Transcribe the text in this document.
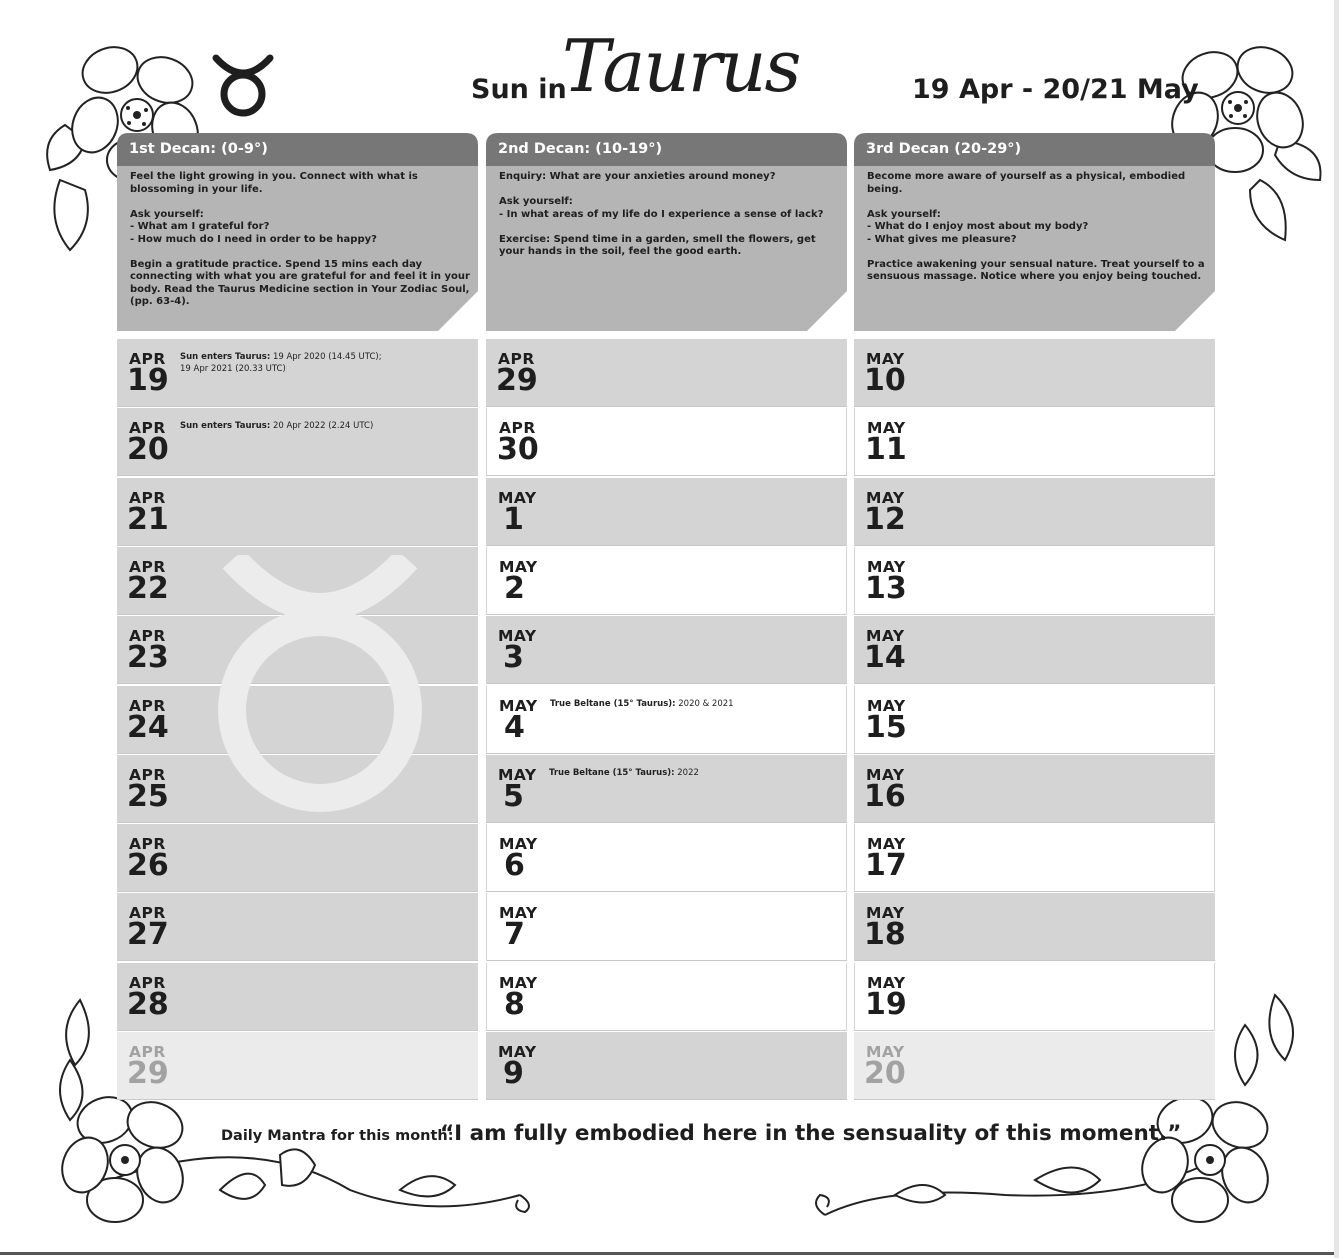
Sun in
Taurus	19 Apr - 20/21 May
1st Decan: (0-9°)
Feel the light growing in you. Connect with what is blossoming in your life.

Ask yourself:
- What am I grateful for?
- How much do I need in order to be happy?

Begin a gratitude practice. Spend 15 mins each day connecting with what you are grateful for and feel it in your body. Read the Taurus Medicine section in Your Zodiac Soul, (pp. 63-4).
2nd Decan: (10-19°)
Enquiry: What are your anxieties around money?

Ask yourself:
- In what areas of my life do I experience a sense of lack?

Exercise: Spend time in a garden, smell the flowers, get your hands in the soil, feel the good earth.
3rd Decan (20-29°)
Become more aware of yourself as a physical, embodied being.

Ask yourself:
- What do I enjoy most about my body?
- What gives me pleasure?

Practice awakening your sensual nature. Treat yourself to a sensuous massage. Notice where you enjoy being touched.
APR
19
Sun enters Taurus: 19 Apr 2020 (14.45 UTC);
19 Apr 2021 (20.33 UTC)
APR
20
Sun enters Taurus: 20 Apr 2022 (2.24 UTC)
APR
21
APR
22
APR
23
APR
24
APR
25
APR
26
APR
27
APR
28
APR
29
APR
29
APR
30
MAY
1
MAY
2
MAY
3
MAY
4
True Beltane (15° Taurus): 2020 & 2021
MAY
5
True Beltane (15° Taurus): 2022
MAY
6
MAY
7
MAY
8
MAY
9
MAY
10
MAY
11
MAY
12
MAY
13
MAY
14
MAY
15
MAY
16
MAY
17
MAY
18
MAY
19
MAY
20
Daily Mantra for this month:
“I am fully embodied here in the sensuality of this moment.”
